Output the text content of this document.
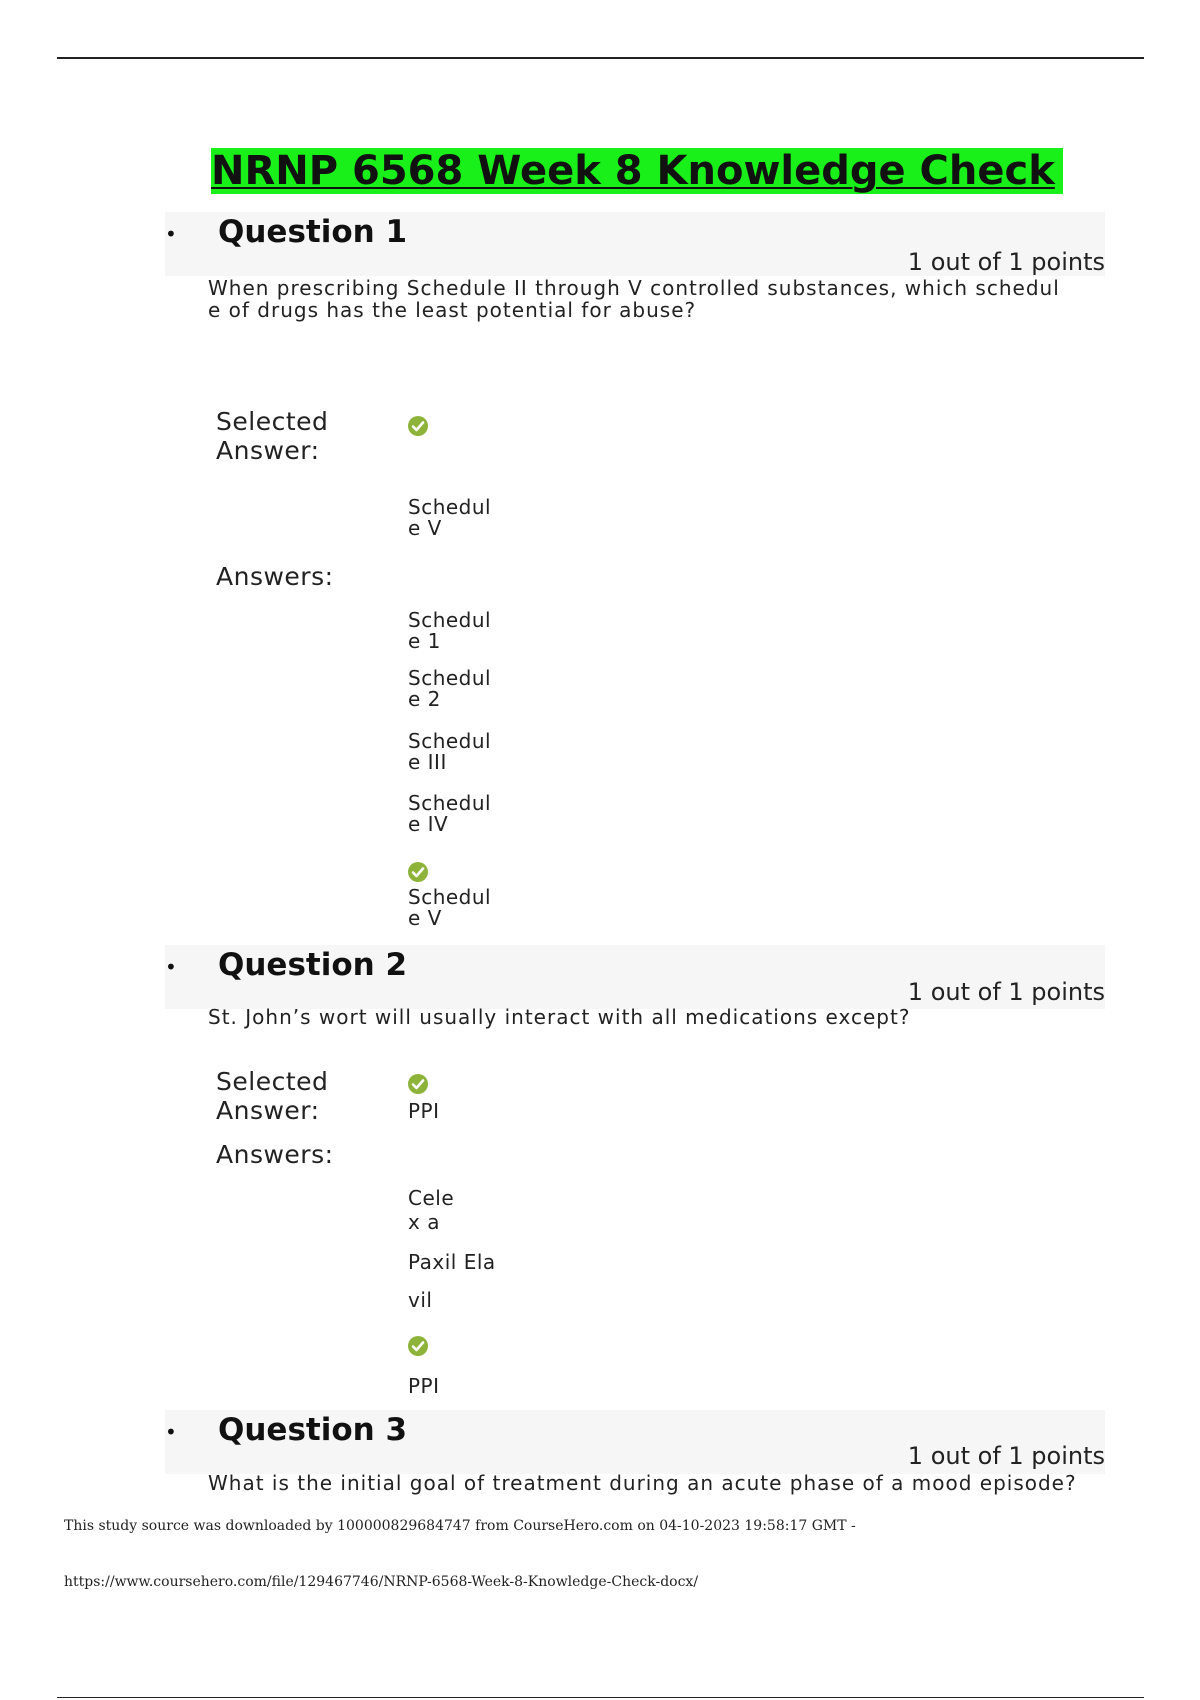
NRNP 6568 Week 8 Knowledge Check
• Question 1
1 out of 1 points
When prescribing Schedule II through V controlled substances, which schedul
e of drugs has the least potential for abuse?
Selected
Answer:
Schedul
e V
Answers:
Schedul
e 1
Schedul
e 2
Schedul
e III
Schedul
e IV
Schedul
e V
• Question 2
1 out of 1 points
St. John’s wort will usually interact with all medications except?
Selected
Answer:	PPI
Answers:
Cele
x a
Paxil Ela
vil
PPI
• Question 3
1 out of 1 points
What is the initial goal of treatment during an acute phase of a mood episode?
This study source was downloaded by 100000829684747 from CourseHero.com on 04-10-2023 19:58:17 GMT -
https://www.coursehero.com/file/129467746/NRNP-6568-Week-8-Knowledge-Check-docx/
